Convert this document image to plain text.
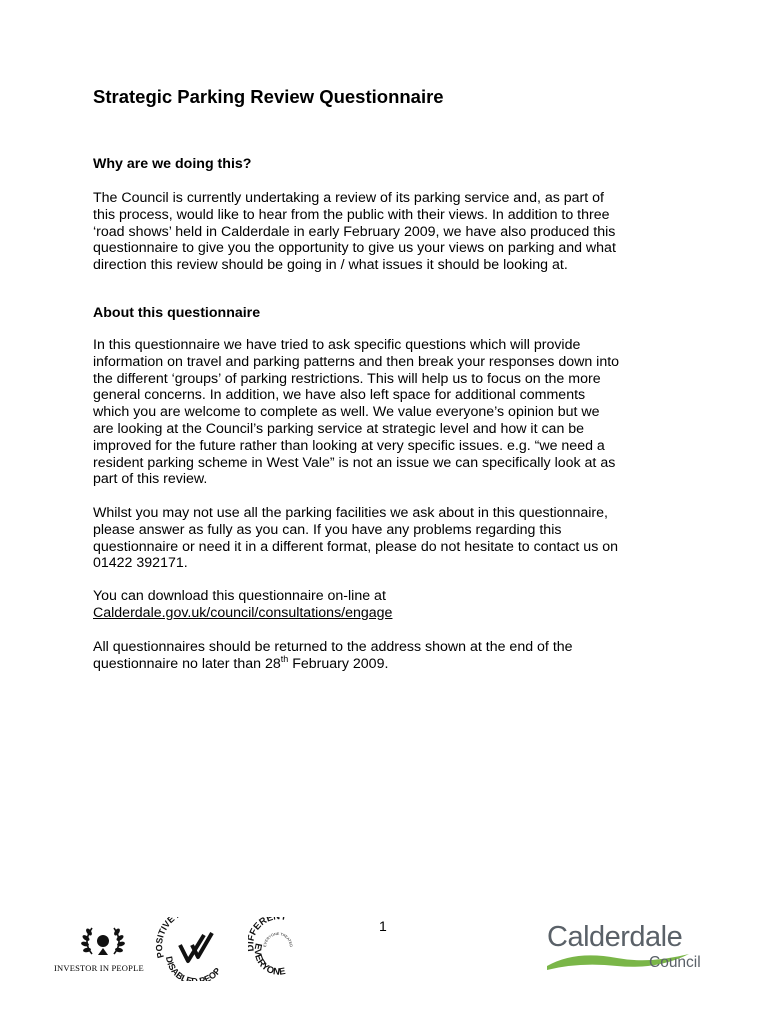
Strategic Parking Review Questionnaire
Why are we doing this?

The Council is currently undertaking a review of its parking service and, as part of
this process, would like to hear from the public with their views. In addition to three
‘road shows’ held in Calderdale in early February 2009, we have also produced this
questionnaire to give you the opportunity to give us your views on parking and what
direction this review should be going in / what issues it should be looking at.

About this questionnaire

In this questionnaire we have tried to ask specific questions which will provide
information on travel and parking patterns and then break your responses down into
the different ‘groups’ of parking restrictions. This will help us to focus on the more
general concerns. In addition, we have also left space for additional comments
which you are welcome to complete as well. We value everyone’s opinion but we
are looking at the Council’s parking service at strategic level and how it can be
improved for the future rather than looking at very specific issues. e.g. “we need a
resident parking scheme in West Vale” is not an issue we can specifically look at as
part of this review.

Whilst you may not use all the parking facilities we ask about in this questionnaire,
please answer as fully as you can. If you have any problems regarding this
questionnaire or need it in a different format, please do not hesitate to contact us on
01422 392171.

You can download this questionnaire on-line at
Calderdale.gov.uk/council/consultations/engage

All questionnaires should be returned to the address shown at the end of the
questionnaire no later than 28th February 2009.

1
INVESTOR IN PEOPLE
POSITIVE
DISABLE PEOP
FERE T
EVERYONE
EVERYONE TREATED	Calderdale
Council
